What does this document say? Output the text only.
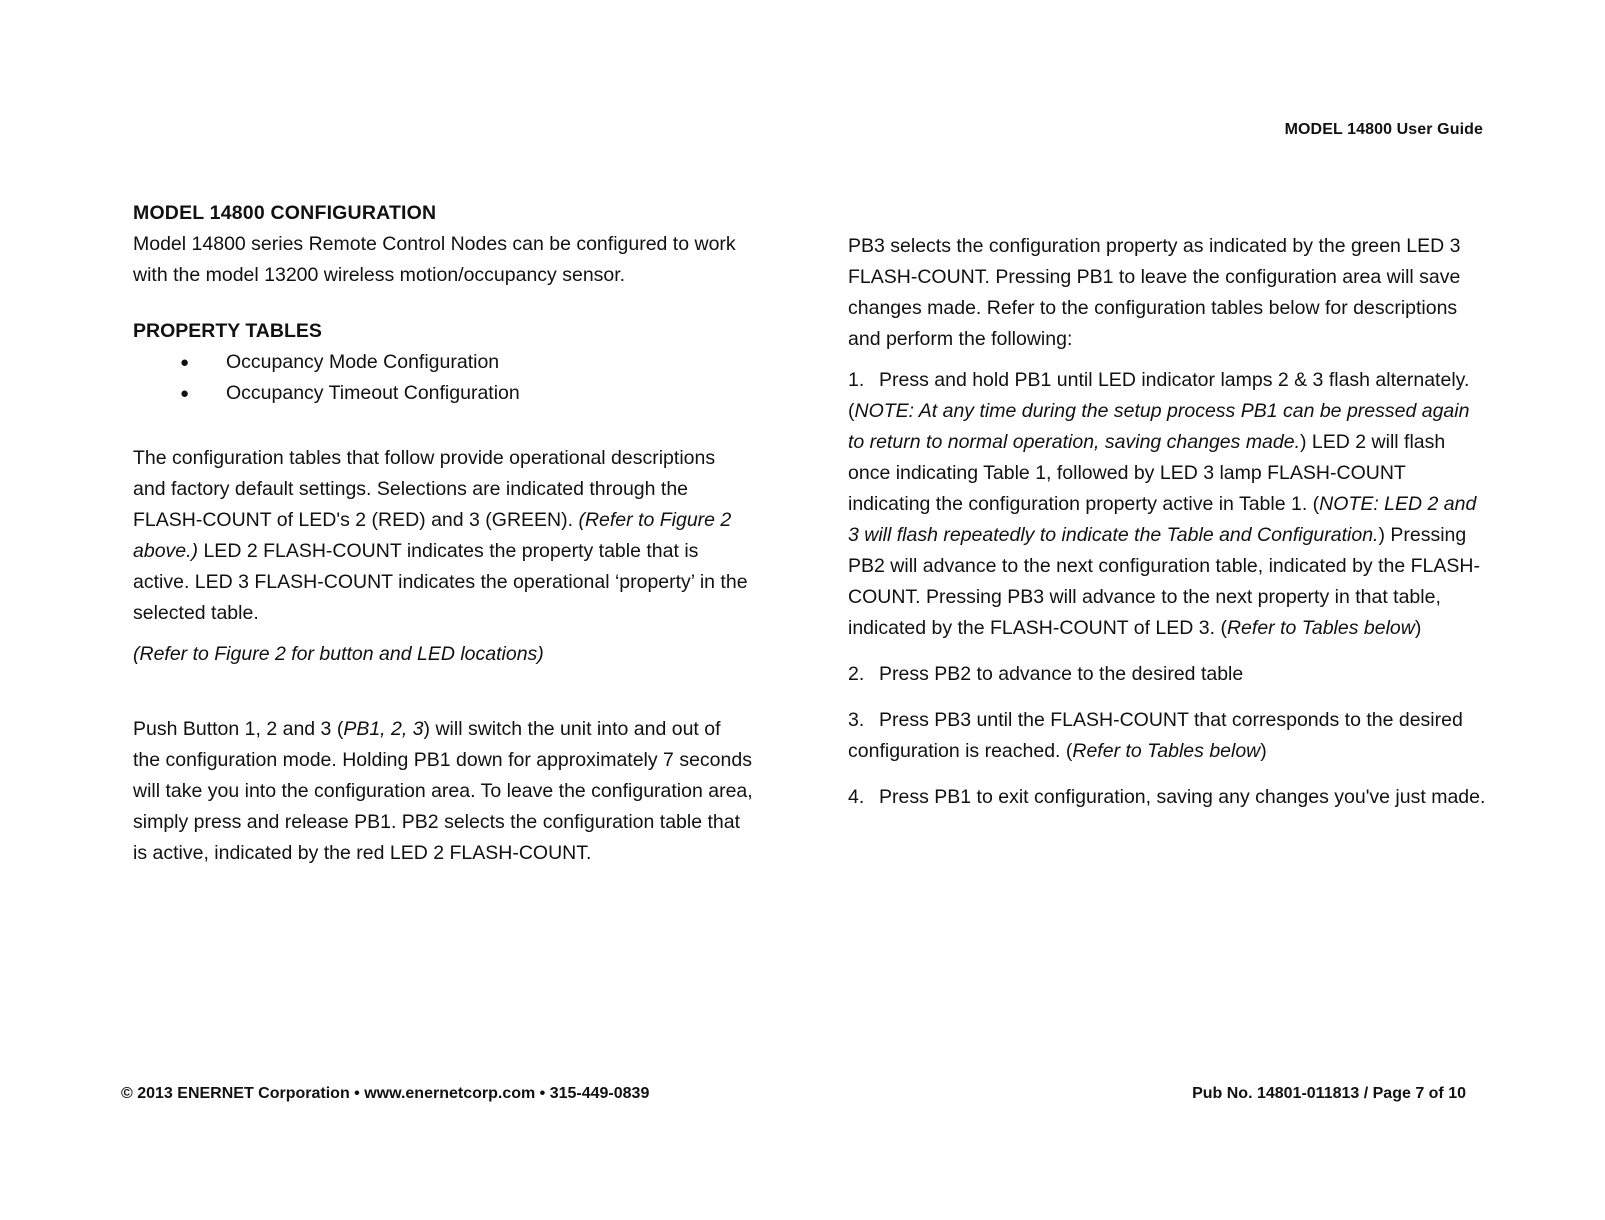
MODEL 14800 User Guide

MODEL 14800 CONFIGURATION

Model 14800 series Remote Control Nodes can be configured to work with the model 13200 wireless motion/occupancy sensor.

PROPERTY TABLES

● Occupancy Mode Configuration
● Occupancy Timeout Configuration

The configuration tables that follow provide operational descriptions and factory default settings. Selections are indicated through the FLASH-COUNT of LED's 2 (RED) and 3 (GREEN). (Refer to Figure 2 above.) LED 2 FLASH-COUNT indicates the property table that is active. LED 3 FLASH-COUNT indicates the operational ‘property’ in the selected table.

(Refer to Figure 2 for button and LED locations)

Push Button 1, 2 and 3 (PB1, 2, 3) will switch the unit into and out of the configuration mode. Holding PB1 down for approximately 7 seconds will take you into the configuration area. To leave the configuration area, simply press and release PB1. PB2 selects the configuration table that is active, indicated by the red LED 2 FLASH-COUNT.

PB3 selects the configuration property as indicated by the green LED 3 FLASH-COUNT. Pressing PB1 to leave the configuration area will save changes made. Refer to the configuration tables below for descriptions and perform the following:

1. Press and hold PB1 until LED indicator lamps 2 & 3 flash alternately. (NOTE: At any time during the setup process PB1 can be pressed again to return to normal operation, saving changes made.) LED 2 will flash once indicating Table 1, followed by LED 3 lamp FLASH-COUNT indicating the configuration property active in Table 1. (NOTE: LED 2 and 3 will flash repeatedly to indicate the Table and Configuration.) Pressing PB2 will advance to the next configuration table, indicated by the FLASH-COUNT. Pressing PB3 will advance to the next property in that table, indicated by the FLASH-COUNT of LED 3. (Refer to Tables below)

2. Press PB2 to advance to the desired table

3. Press PB3 until the FLASH-COUNT that corresponds to the desired configuration is reached. (Refer to Tables below)

4. Press PB1 to exit configuration, saving any changes you've just made.

© 2013 ENERNET Corporation • www.enernetcorp.com • 315-449-0839	Pub No. 14801-011813 / Page 7 of 10
